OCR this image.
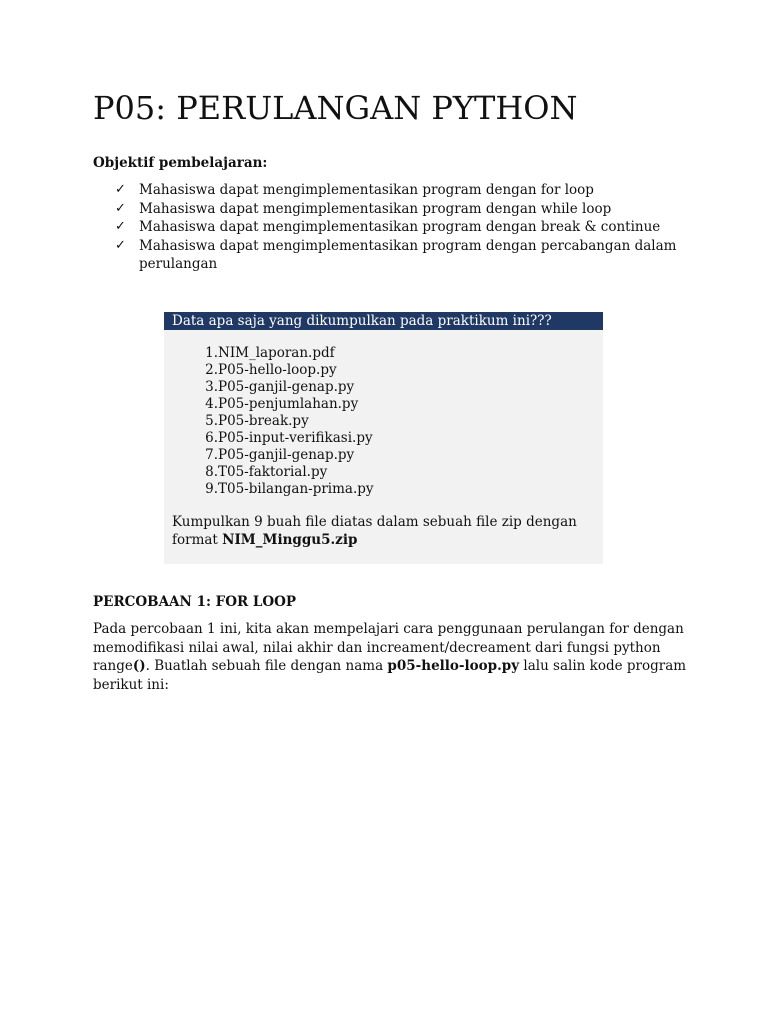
P05: PERULANGAN PYTHON
Objektif pembelajaran:
✓ Mahasiswa dapat mengimplementasikan program dengan for loop
✓ Mahasiswa dapat mengimplementasikan program dengan while loop
✓ Mahasiswa dapat mengimplementasikan program dengan break & continue
✓ Mahasiswa dapat mengimplementasikan program dengan percabangan dalam
perulangan
Data apa saja yang dikumpulkan pada praktikum ini???
1. NIM_laporan.pdf
2. P05-hello-loop.py
3. P05-ganjil-genap.py
4. P05-penjumlahan.py
5. P05-break.py
6. P05-input-verifikasi.py
7. P05-ganjil-genap.py
8. T05-faktorial.py
9. T05-bilangan-prima.py

Kumpulkan 9 buah file diatas dalam sebuah file zip dengan
format NIM_Minggu5.zip

PERCOBAAN 1: FOR LOOP

Pada percobaan 1 ini, kita akan mempelajari cara penggunaan perulangan for dengan
memodifikasi nilai awal, nilai akhir dan increament/decreament dari fungsi python
range(). Buatlah sebuah file dengan nama p05-hello-loop.py lalu salin kode program
berikut ini:
